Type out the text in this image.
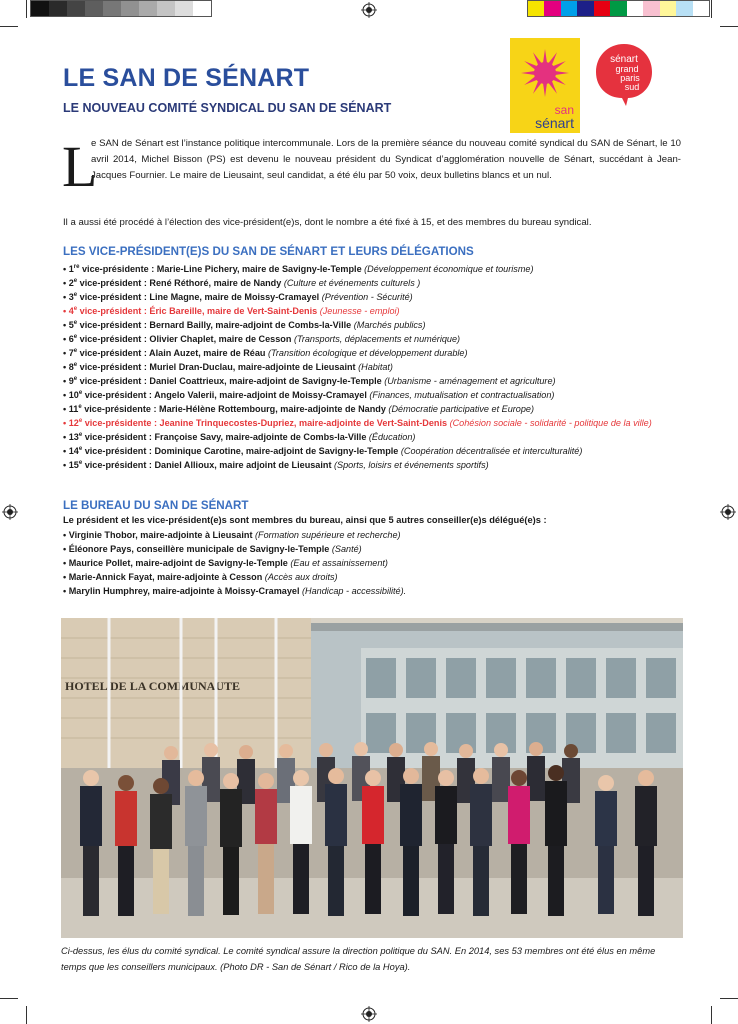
san
sénart
sénart
grand
paris
sud
LE SAN DE SÉNART
LE NOUVEAU COMITÉ SYNDICAL DU SAN DE SÉNART
L

e SAN de Sénart est l’instance politique intercommunale. Lors de la première séance du nouveau comité syndical du SAN de Sénart, le 10 avril 2014, Michel Bisson (PS) est devenu le nouveau président du Syndicat d’agglomération nouvelle de Sénart, succédant à Jean-Jacques Fournier. Le maire de Lieusaint, seul candidat, a été élu par 50 voix, deux bulletins blancs et un nul.

Il a aussi été procédé à l’élection des vice-président(e)s, dont le nombre a été fixé à 15, et des membres du bureau syndical.

LES VICE-PRÉSIDENT(E)S DU SAN DE SÉNART ET LEURS DÉLÉGATIONS
• 1re vice-présidente : Marie-Line Pichery, maire de Savigny-le-Temple (Développement économique et tourisme)
• 2e vice-président : René Réthoré, maire de Nandy (Culture et événements culturels )
• 3e vice-président : Line Magne, maire de Moissy-Cramayel (Prévention - Sécurité)
• 4e vice-président : Éric Bareille, maire de Vert-Saint-Denis (Jeunesse - emploi)
• 5e vice-président : Bernard Bailly, maire-adjoint de Combs-la-Ville (Marchés publics)
• 6e vice-président : Olivier Chaplet, maire de Cesson (Transports, déplacements et numérique)
• 7e vice-président : Alain Auzet, maire de Réau (Transition écologique et développement durable)
• 8e vice-président : Muriel Dran-Duclau, maire-adjointe de Lieusaint (Habitat)
• 9e vice-président : Daniel Coattrieux, maire-adjoint de Savigny-le-Temple (Urbanisme - aménagement et agriculture)
• 10e vice-président : Angelo Valerii, maire-adjoint de Moissy-Cramayel (Finances, mutualisation et contractualisation)
• 11e vice-présidente : Marie-Hélène Rottembourg, maire-adjointe de Nandy (Démocratie participative et Europe)
• 12e vice-présidente : Jeanine Trinquecostes-Dupriez, maire-adjointe de Vert-Saint-Denis (Cohésion sociale - solidarité - politique de la ville)
• 13e vice-président : Françoise Savy, maire-adjointe de Combs-la-Ville (Éducation)
• 14e vice-président : Dominique Carotine, maire-adjoint de Savigny-le-Temple (Coopération décentralisée et interculturalité)
• 15e vice-président : Daniel Allioux, maire adjoint de Lieusaint (Sports, loisirs et événements sportifs)
LE BUREAU DU SAN DE SÉNART

Le président et les vice-président(e)s sont membres du bureau, ainsi que 5 autres conseiller(e)s délégué(e)s :

• Virginie Thobor, maire-adjointe à Lieusaint (Formation supérieure et recherche)
• Éléonore Pays, conseillère municipale de Savigny-le-Temple (Santé)
• Maurice Pollet, maire-adjoint de Savigny-le-Temple (Eau et assainissement)
• Marie-Annick Fayat, maire-adjointe à Cesson (Accès aux droits)
• Marylin Humphrey, maire-adjointe à Moissy-Cramayel (Handicap - accessibilité).
HOTEL DE LA COMMUNAUTE

Ci-dessus, les élus du comité syndical. Le comité syndical assure la direction politique du SAN. En 2014, ses 53 membres ont été élus en même temps que les conseillers municipaux. (Photo DR - San de Sénart / Rico de la Hoya).
